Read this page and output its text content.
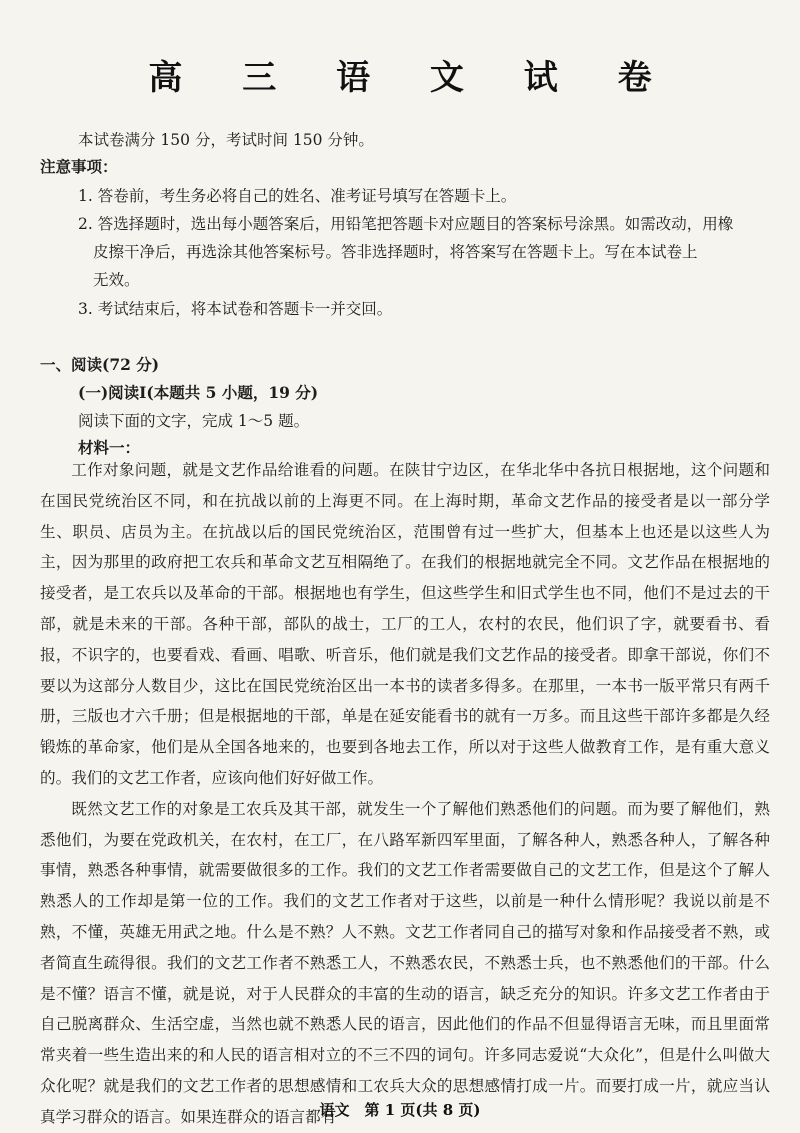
高 三 语 文 试 卷
本试卷满分 150 分，考试时间 150 分钟。
注意事项：
1. 答卷前，考生务必将自己的姓名、准考证号填写在答题卡上。
2. 答选择题时，选出每小题答案后，用铅笔把答题卡对应题目的答案标号涂黑。如需改动，用橡
皮擦干净后，再选涂其他答案标号。答非选择题时，将答案写在答题卡上。写在本试卷上
无效。
3. 考试结束后，将本试卷和答题卡一并交回。
一、阅读(72 分)
(一)阅读Ⅰ(本题共 5 小题，19 分)
阅读下面的文字，完成 1～5 题。
材料一：

工作对象问题，就是文艺作品给谁看的问题。在陕甘宁边区，在华北华中各抗日根据地，这个问题和在国民党统治区不同，和在抗战以前的上海更不同。在上海时期，革命文艺作品的接受者是以一部分学生、职员、店员为主。在抗战以后的国民党统治区，范围曾有过一些扩大，但基本上也还是以这些人为主，因为那里的政府把工农兵和革命文艺互相隔绝了。在我们的根据地就完全不同。文艺作品在根据地的接受者，是工农兵以及革命的干部。根据地也有学生，但这些学生和旧式学生也不同，他们不是过去的干部，就是未来的干部。各种干部，部队的战士，工厂的工人，农村的农民，他们识了字，就要看书、看报，不识字的，也要看戏、看画、唱歌、听音乐，他们就是我们文艺作品的接受者。即拿干部说，你们不要以为这部分人数目少，这比在国民党统治区出一本书的读者多得多。在那里，一本书一版平常只有两千册，三版也才六千册；但是根据地的干部，单是在延安能看书的就有一万多。而且这些干部许多都是久经锻炼的革命家，他们是从全国各地来的，也要到各地去工作，所以对于这些人做教育工作，是有重大意义的。我们的文艺工作者，应该向他们好好做工作。

既然文艺工作的对象是工农兵及其干部，就发生一个了解他们熟悉他们的问题。而为要了解他们，熟悉他们，为要在党政机关，在农村，在工厂，在八路军新四军里面，了解各种人，熟悉各种人，了解各种事情，熟悉各种事情，就需要做很多的工作。我们的文艺工作者需要做自己的文艺工作，但是这个了解人熟悉人的工作却是第一位的工作。我们的文艺工作者对于这些，以前是一种什么情形呢？我说以前是不熟，不懂，英雄无用武之地。什么是不熟？人不熟。文艺工作者同自己的描写对象和作品接受者不熟，或者简直生疏得很。我们的文艺工作者不熟悉工人，不熟悉农民，不熟悉士兵，也不熟悉他们的干部。什么是不懂？语言不懂，就是说，对于人民群众的丰富的生动的语言，缺乏充分的知识。许多文艺工作者由于自己脱离群众、生活空虚，当然也就不熟悉人民的语言，因此他们的作品不但显得语言无味，而且里面常常夹着一些生造出来的和人民的语言相对立的不三不四的词句。许多同志爱说“大众化”，但是什么叫做大众化呢？就是我们的文艺工作者的思想感情和工农兵大众的思想感情打成一片。而要打成一片，就应当认真学习群众的语言。如果连群众的语言都有

语文　第 1 页(共 8 页)
